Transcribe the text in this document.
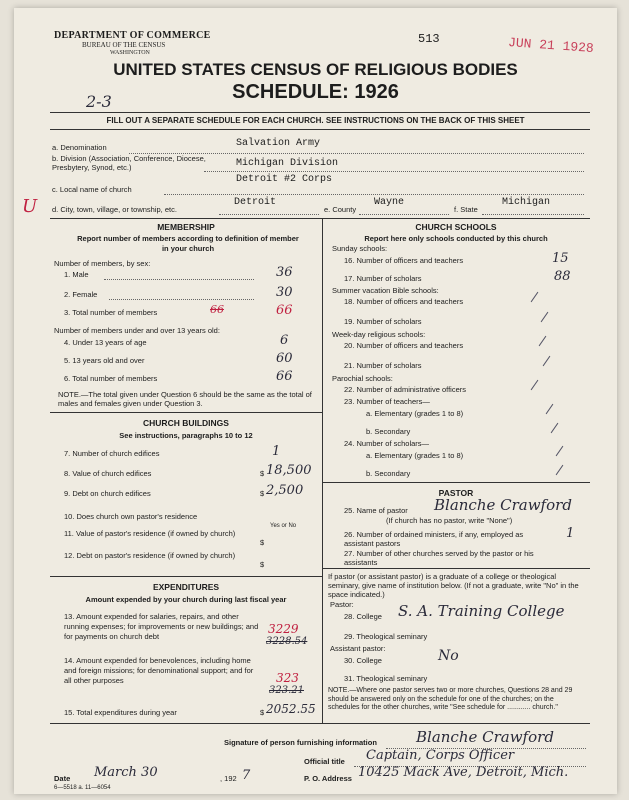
DEPARTMENT OF COMMERCE
BUREAU OF THE CENSUS
WASHINGTON
513	JUN 21 1928
UNITED STATES CENSUS OF RELIGIOUS BODIES
SCHEDULE: 1926
2-3
FILL OUT A SEPARATE SCHEDULE FOR EACH CHURCH. SEE INSTRUCTIONS ON THE BACK OF THIS SHEET
a. Denomination	Salvation Army
b. Division (Association, Conference, Diocese, Presbytery, Synod, etc.)	Michigan Division
c. Local name of church
Detroit #2 Corps
U d. City, town, village, or township, etc.
Detroit
e. County
Wayne
f. State
Michigan
MEMBERSHIP
Report number of members according to definition of member in your church
Number of members, by sex:
1. Male	36
2. Female	30
3. Total number of members	66	66
Number of members under and over 13 years old:
4. Under 13 years of age	6
5. 13 years old and over	60
6. Total number of members	66
NOTE.—The total given under Question 6 should be the same as the total of males and females given under Question 3.
CHURCH BUILDINGS
See instructions, paragraphs 10 to 12
7. Number of church edifices	1
8. Value of church edifices	$ 18,500
9. Debt on church edifices	$ 2,500
10. Does church own pastor's residence
Yes or No
11. Value of pastor's residence (if owned by church)
$
12. Debt on pastor's residence (if owned by church)
$
EXPENDITURES
Amount expended by your church during last fiscal year
13. Amount expended for salaries, repairs, and other running expenses; for improvements or new buildings; and for payments on church debt
3229
3228.54
14. Amount expended for benevolences, including home and foreign missions; for denominational support; and for all other purposes	323
323.21
15. Total expenditures during year	$ 2052.55
CHURCH SCHOOLS
Report here only schools conducted by this church
Sunday schools:
16. Number of officers and teachers	15
17. Number of scholars	88
Summer vacation Bible schools:
18. Number of officers and teachers
19. Number of scholars
Week-day religious schools:
20. Number of officers and teachers
21. Number of scholars
Parochial schools:
22. Number of administrative officers
23. Number of teachers—
a. Elementary (grades 1 to 8)
b. Secondary
24. Number of scholars—
a. Elementary (grades 1 to 8)
b. Secondary
PASTOR
25. Name of pastor Blanche Crawford
(If church has no pastor, write "None")
26. Number of ordained ministers, if any, employed as assistant pastors
1
27. Number of other churches served by the pastor or his assistants
If pastor (or assistant pastor) is a graduate of a college or theological seminary, give name of institution below. (If not a graduate, write "No" in the space indicated.)
Pastor:
28. College S. A. Training College
29. Theological seminary
Assistant pastor:
30. College	No
31. Theological seminary
NOTE.—Where one pastor serves two or more churches, Questions 28 and 29 should be answered only on the schedule for one of the churches; on the schedules for the other churches, write "See schedule for ............ church."
Signature of person furnishing information	Blanche Crawford
Official title Captain, Corps Officer
Date March 30	, 192 7	P. O. Address 10425 Mack Ave, Detroit, Mich.
6—5518 a. 11—6054
